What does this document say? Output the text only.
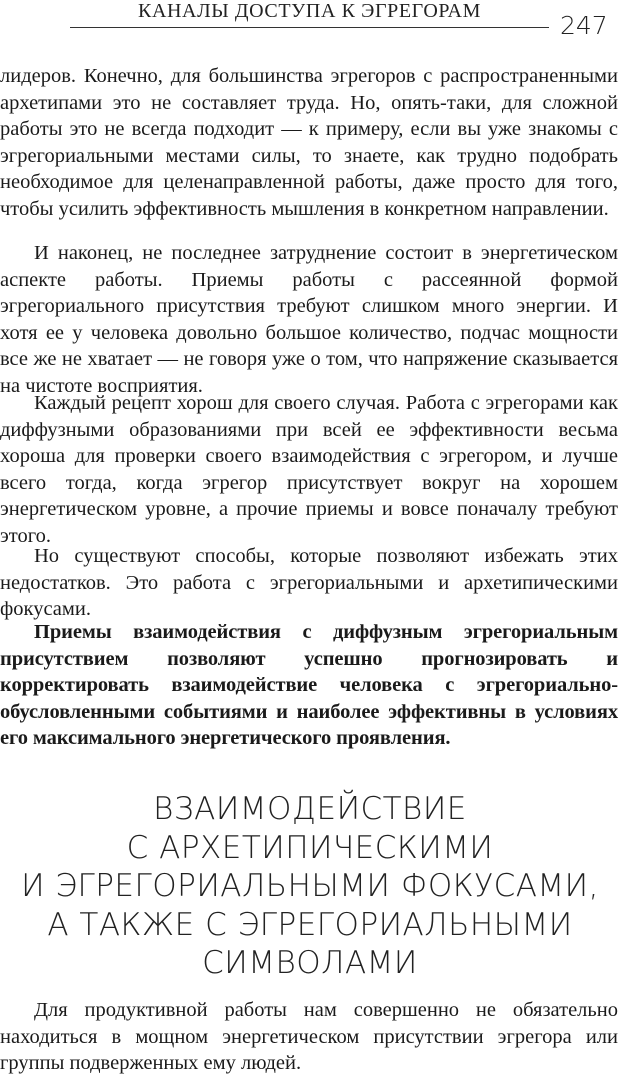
КАНАЛЫ ДОСТУПА К ЭГРЕГОРАМ	247

лидеров. Конечно, для большинства эгрегоров с распространенными архетипами это не составляет труда. Но, опять-таки, для сложной работы это не всегда подходит — к примеру, если вы уже знакомы с эгрегориальными местами силы, то знаете, как трудно подобрать необходимое для целенаправленной работы, даже просто для того, чтобы усилить эффективность мышления в конкретном направлении.

И наконец, не последнее затруднение состоит в энергетическом аспекте работы. Приемы работы с рассеянной формой эгрегориального присутствия требуют слишком много энергии. И хотя ее у человека довольно большое количество, подчас мощности все же не хватает — не говоря уже о том, что напряжение сказывается на чистоте восприятия.

Каждый рецепт хорош для своего случая. Работа с эгрегорами как диффузными образованиями при всей ее эффективности весьма хороша для проверки своего взаимодействия с эгрегором, и лучше всего тогда, когда эгрегор присутствует вокруг на хорошем энергетическом уровне, а прочие приемы и вовсе поначалу требуют этого.

Но существуют способы, которые позволяют избежать этих недостатков. Это работа с эгрегориальными и архетипическими фокусами.

Приемы взаимодействия с диффузным эгрегориальным присутствием позволяют успешно прогнозировать и корректировать взаимодействие человека с эгрегориально-обусловленными событиями и наиболее эффективны в условиях его максимального энергетического проявления.

ВЗАИМОДЕЙСТВИЕ
С АРХЕТИПИЧЕСКИМИ
И ЭГРЕГОРИАЛЬНЫМИ ФОКУСАМИ,
А ТАКЖЕ С ЭГРЕГОРИАЛЬНЫМИ
СИМВОЛАМИ

Для продуктивной работы нам совершенно не обязательно находиться в мощном энергетическом присутствии эгрегора или группы подверженных ему людей.
